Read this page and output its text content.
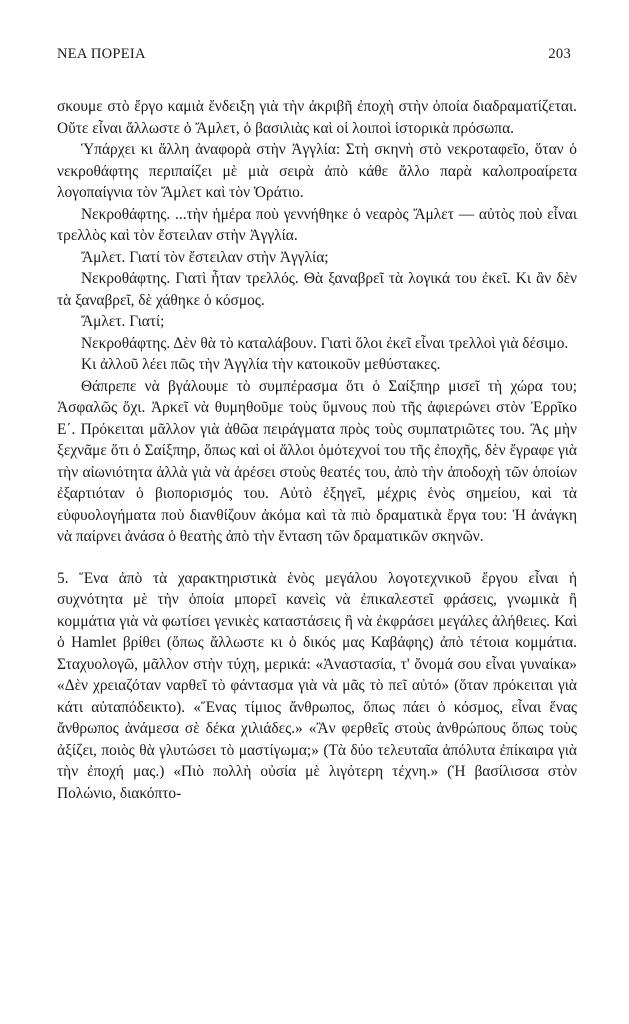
ΝΕΑ ΠΟΡΕΙΑ	203

σκουμε στὸ ἔργο καμιὰ ἔνδειξη γιὰ τὴν ἀκριβῆ ἐποχὴ στὴν ὁποία διαδραματίζεται. Οὔτε εἶναι ἄλλωστε ὁ Ἄμλετ, ὁ βασιλιὰς καὶ οἱ λοιποὶ ἱστορικὰ πρόσωπα.

Ὑπάρχει κι ἄλλη ἀναφορὰ στὴν Ἀγγλία: Στὴ σκηνὴ στὸ νεκροταφεῖο, ὅταν ὁ νεκροθάφτης περιπαίζει μὲ μιὰ σειρὰ ἀπὸ κάθε ἄλλο παρὰ καλοπροαίρετα λογοπαίγνια τὸν Ἄμλετ καὶ τὸν Ὁράτιο.

Νεκροθάφτης. ...τὴν ἡμέρα ποὺ γεννήθηκε ὁ νεαρὸς Ἄμλετ — αὐτὸς ποὺ εἶναι τρελλὸς καὶ τὸν ἔστειλαν στὴν Ἀγγλία.

Ἄμλετ. Γιατί τὸν ἔστειλαν στὴν Ἀγγλία;

Νεκροθάφτης. Γιατὶ ἦταν τρελλός. Θὰ ξαναβρεῖ τὰ λογικά του ἐκεῖ. Κι ἂν δὲν τὰ ξαναβρεῖ, δὲ χάθηκε ὁ κόσμος.

Ἄμλετ. Γιατί;

Νεκροθάφτης. Δὲν θὰ τὸ καταλάβουν. Γιατὶ ὅλοι ἐκεῖ εἶναι τρελλοὶ γιὰ δέσιμο.

Κι ἀλλοῦ λέει πῶς τὴν Ἀγγλία τὴν κατοικοῦν μεθύστακες.

Θάπρεπε νὰ βγάλουμε τὸ συμπέρασμα ὅτι ὁ Σαίξπηρ μισεῖ τὴ χώρα του; Ἀσφαλῶς ὄχι. Ἀρκεῖ νὰ θυμηθοῦμε τοὺς ὕμνους ποὺ τῆς ἀφιερώνει στὸν Ἐρρῖκο Ε΄. Πρόκειται μᾶλλον γιὰ ἀθῶα πειράγματα πρὸς τοὺς συμπατριῶτες του. Ἂς μὴν ξεχνᾶμε ὅτι ὁ Σαίξπηρ, ὅπως καὶ οἱ ἄλλοι ὁμότεχνοί του τῆς ἐποχῆς, δὲν ἔγραφε γιὰ τὴν αἰωνιότητα ἀλλὰ γιὰ νὰ ἀρέσει στοὺς θεατές του, ἀπὸ τὴν ἀποδοχὴ τῶν ὁποίων ἐξαρτιόταν ὁ βιοπορισμός του. Αὐτὸ ἐξηγεῖ, μέχρις ἑνὸς σημείου, καὶ τὰ εὐφυολογήματα ποὺ διανθίζουν ἀκόμα καὶ τὰ πιὸ δραματικὰ ἔργα του: Ἡ ἀνάγκη νὰ παίρνει ἀνάσα ὁ θεατὴς ἀπὸ τὴν ἔνταση τῶν δραματικῶν σκηνῶν.

5. Ἕνα ἀπὸ τὰ χαρακτηριστικὰ ἑνὸς μεγάλου λογοτεχνικοῦ ἔργου εἶναι ἡ συχνότητα μὲ τὴν ὁποία μπορεῖ κανεὶς νὰ ἐπικαλεστεῖ φράσεις, γνωμικὰ ἢ κομμάτια γιὰ νὰ φωτίσει γενικὲς καταστάσεις ἢ νὰ ἐκφράσει μεγάλες ἀλήθειες. Καὶ ὁ Hamlet βρίθει (ὅπως ἄλλωστε κι ὁ δικός μας Καβάφης) ἀπὸ τέτοια κομμάτια. Σταχυολογῶ, μᾶλλον στὴν τύχη, μερικά: «Ἀναστασία, τ' ὄνομά σου εἶναι γυναίκα» «Δὲν χρειαζόταν ναρθεῖ τὸ φάντασμα γιὰ νὰ μᾶς τὸ πεῖ αὐτό» (ὅταν πρόκειται γιὰ κάτι αὐταπόδεικτο). «Ἕνας τίμιος ἄνθρωπος, ὅπως πάει ὁ κόσμος, εἶναι ἕνας ἄνθρωπος ἀνάμεσα σὲ δέκα χιλιάδες.» «Ἂν φερθεῖς στοὺς ἀνθρώπους ὅπως τοὺς ἀξίζει, ποιὸς θὰ γλυτώσει τὸ μαστίγωμα;» (Τὰ δύο τελευταῖα ἀπόλυτα ἐπίκαιρα γιὰ τὴν ἐποχή μας.) «Πιὸ πολλὴ οὐσία μὲ λιγότερη τέχνη.» (Ἡ βασίλισσα στὸν Πολώνιο, διακόπτο-
